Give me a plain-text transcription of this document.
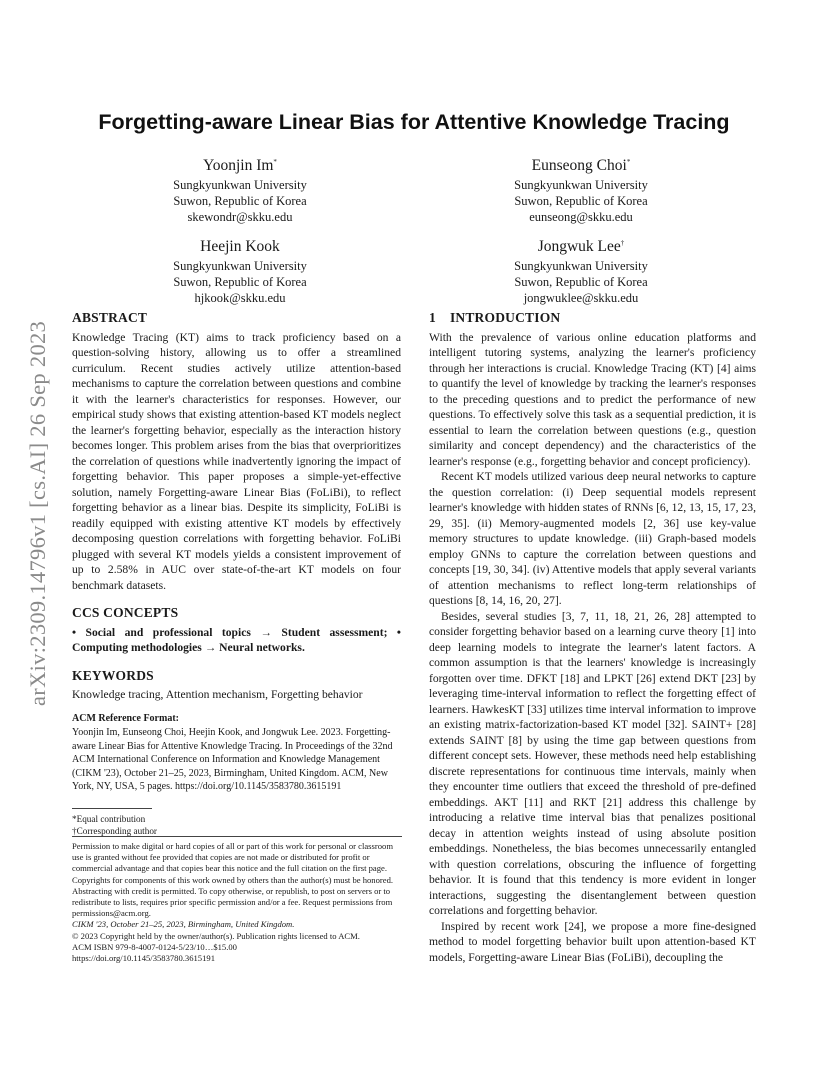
arXiv:2309.14796v1 [cs.AI] 26 Sep 2023
Forgetting-aware Linear Bias for Attentive Knowledge Tracing
Yoonjin Im*
Sungkyunkwan University
Suwon, Republic of Korea
skewondr@skku.edu
Eunseong Choi*
Sungkyunkwan University
Suwon, Republic of Korea
eunseong@skku.edu
Heejin Kook
Sungkyunkwan University
Suwon, Republic of Korea
hjkook@skku.edu
Jongwuk Lee†
Sungkyunkwan University
Suwon, Republic of Korea
jongwuklee@skku.edu
ABSTRACT

Knowledge Tracing (KT) aims to track proficiency based on a question-solving history, allowing us to offer a streamlined curriculum. Recent studies actively utilize attention-based mechanisms to capture the correlation between questions and combine it with the learner's characteristics for responses. However, our empirical study shows that existing attention-based KT models neglect the learner's forgetting behavior, especially as the interaction history becomes longer. This problem arises from the bias that overprioritizes the correlation of questions while inadvertently ignoring the impact of forgetting behavior. This paper proposes a simple-yet-effective solution, namely Forgetting-aware Linear Bias (FoLiBi), to reflect forgetting behavior as a linear bias. Despite its simplicity, FoLiBi is readily equipped with existing attentive KT models by effectively decomposing question correlations with forgetting behavior. FoLiBi plugged with several KT models yields a consistent improvement of up to 2.58% in AUC over state-of-the-art KT models on four benchmark datasets.

CCS CONCEPTS

• Social and professional topics → Student assessment; • Computing methodologies → Neural networks.

KEYWORDS

Knowledge tracing, Attention mechanism, Forgetting behavior

ACM Reference Format:

Yoonjin Im, Eunseong Choi, Heejin Kook, and Jongwuk Lee. 2023. Forgetting-aware Linear Bias for Attentive Knowledge Tracing. In Proceedings of the 32nd ACM International Conference on Information and Knowledge Management (CIKM '23), October 21–25, 2023, Birmingham, United Kingdom. ACM, New York, NY, USA, 5 pages. https://doi.org/10.1145/3583780.3615191

*Equal contribution
†Corresponding author

Permission to make digital or hard copies of all or part of this work for personal or classroom use is granted without fee provided that copies are not made or distributed for profit or commercial advantage and that copies bear this notice and the full citation on the first page. Copyrights for components of this work owned by others than the author(s) must be honored. Abstracting with credit is permitted. To copy otherwise, or republish, to post on servers or to redistribute to lists, requires prior specific permission and/or a fee. Request permissions from permissions@acm.org.

CIKM '23, October 21–25, 2023, Birmingham, United Kingdom.

© 2023 Copyright held by the owner/author(s). Publication rights licensed to ACM.

ACM ISBN 979-8-4007-0124-5/23/10…$15.00

https://doi.org/10.1145/3583780.3615191

1 INTRODUCTION

With the prevalence of various online education platforms and intelligent tutoring systems, analyzing the learner's proficiency through her interactions is crucial. Knowledge Tracing (KT) [4] aims to quantify the level of knowledge by tracking the learner's responses to the preceding questions and to predict the performance of new questions. To effectively solve this task as a sequential prediction, it is essential to learn the correlation between questions (e.g., question similarity and concept dependency) and the characteristics of the learner's response (e.g., forgetting behavior and concept proficiency).

Recent KT models utilized various deep neural networks to capture the question correlation: (i) Deep sequential models represent learner's knowledge with hidden states of RNNs [6, 12, 13, 15, 17, 23, 29, 35]. (ii) Memory-augmented models [2, 36] use key-value memory structures to update knowledge. (iii) Graph-based models employ GNNs to capture the correlation between questions and concepts [19, 30, 34]. (iv) Attentive models that apply several variants of attention mechanisms to reflect long-term relationships of questions [8, 14, 16, 20, 27].

Besides, several studies [3, 7, 11, 18, 21, 26, 28] attempted to consider forgetting behavior based on a learning curve theory [1] into deep learning models to integrate the learner's latent factors. A common assumption is that the learners' knowledge is increasingly forgotten over time. DFKT [18] and LPKT [26] extend DKT [23] by leveraging time-interval information to reflect the forgetting effect of learners. HawkesKT [33] utilizes time interval information to improve an existing matrix-factorization-based KT model [32]. SAINT+ [28] extends SAINT [8] by using the time gap between questions from different concept sets. However, these methods need help establishing discrete representations for continuous time intervals, mainly when they encounter time outliers that exceed the threshold of pre-defined embeddings. AKT [11] and RKT [21] address this challenge by introducing a relative time interval bias that penalizes positional decay in attention weights instead of using absolute position embeddings. Nonetheless, the bias becomes unnecessarily entangled with question correlations, obscuring the influence of forgetting behavior. It is found that this tendency is more evident in longer interactions, suggesting the disentanglement between question correlations and forgetting behavior.

Inspired by recent work [24], we propose a more fine-designed method to model forgetting behavior built upon attention-based KT models, Forgetting-aware Linear Bias (FoLiBi), decoupling the
